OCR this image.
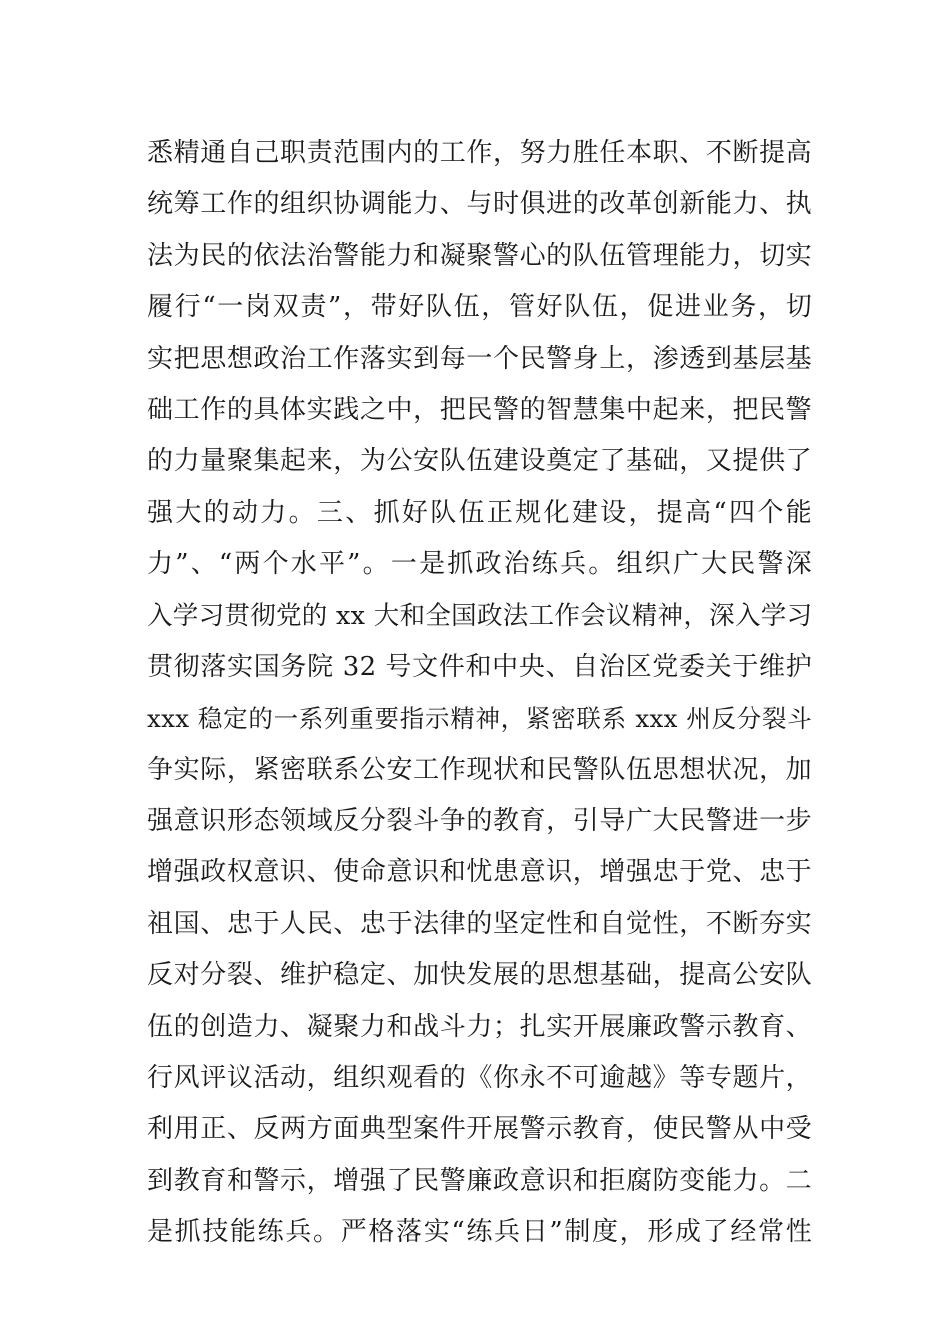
悉精通自己职责范围内的工作，努力胜任本职、不断提高
统筹工作的组织协调能力、与时俱进的改革创新能力、执
法为民的依法治警能力和凝聚警心的队伍管理能力，切实
履行“一岗双责”，带好队伍，管好队伍，促进业务，切
实把思想政治工作落实到每一个民警身上，渗透到基层基
础工作的具体实践之中，把民警的智慧集中起来，把民警
的力量聚集起来，为公安队伍建设奠定了基础，又提供了
强大的动力。三、抓好队伍正规化建设，提高“四个能
力”、“两个水平”。一是抓政治练兵。组织广大民警深
入学习贯彻党的 xx 大和全国政法工作会议精神，深入学习
贯彻落实国务院 32 号文件和中央、自治区党委关于维护
xxx 稳定的一系列重要指示精神，紧密联系 xxx 州反分裂斗
争实际，紧密联系公安工作现状和民警队伍思想状况，加
强意识形态领域反分裂斗争的教育，引导广大民警进一步
增强政权意识、使命意识和忧患意识，增强忠于党、忠于
祖国、忠于人民、忠于法律的坚定性和自觉性，不断夯实
反对分裂、维护稳定、加快发展的思想基础，提高公安队
伍的创造力、凝聚力和战斗力；扎实开展廉政警示教育、
行风评议活动，组织观看的《你永不可逾越》等专题片，
利用正、反两方面典型案件开展警示教育，使民警从中受
到教育和警示，增强了民警廉政意识和拒腐防变能力。二
是抓技能练兵。严格落实“练兵日”制度，形成了经常性
